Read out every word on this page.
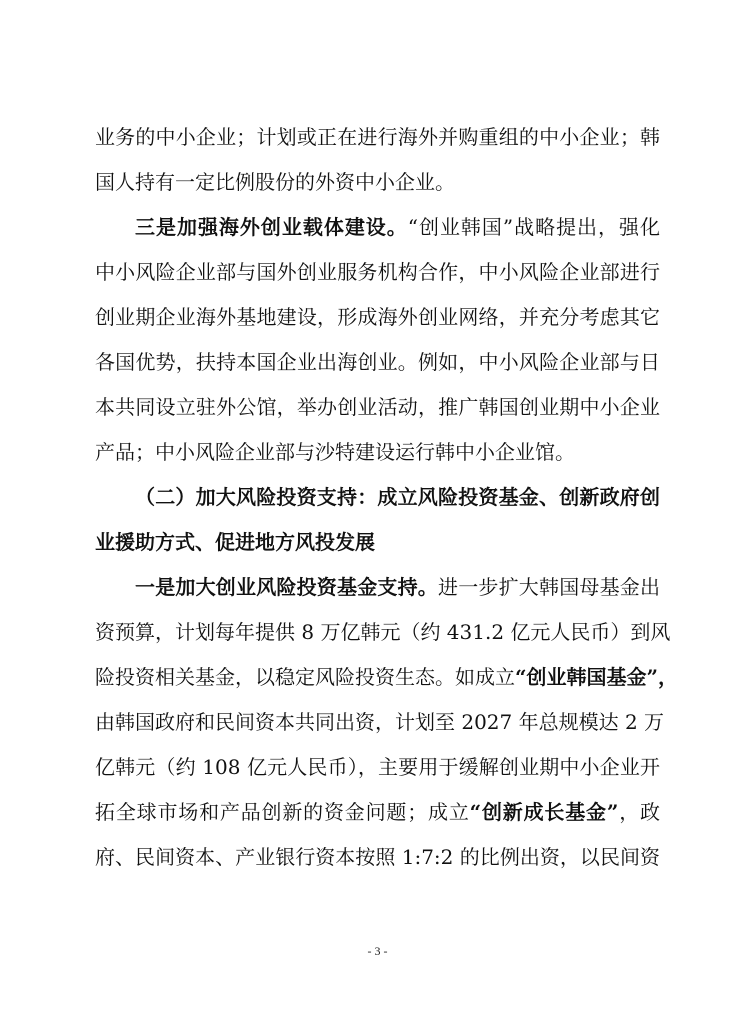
业务的中小企业；计划或正在进行海外并购重组的中小企业；韩
国人持有一定比例股份的外资中小企业。
三是加强海外创业载体建设。“创业韩国”战略提出，强化
中小风险企业部与国外创业服务机构合作，中小风险企业部进行
创业期企业海外基地建设，形成海外创业网络，并充分考虑其它
各国优势，扶持本国企业出海创业。例如，中小风险企业部与日
本共同设立驻外公馆，举办创业活动，推广韩国创业期中小企业
产品；中小风险企业部与沙特建设运行韩中小企业馆。
（二）加大风险投资支持：成立风险投资基金、创新政府创
业援助方式、促进地方风投发展
一是加大创业风险投资基金支持。进一步扩大韩国母基金出
资预算，计划每年提供 8 万亿韩元（约 431.2 亿元人民币）到风
险投资相关基金，以稳定风险投资生态。如成立“创业韩国基金”，
由韩国政府和民间资本共同出资，计划至 2027 年总规模达 2 万
亿韩元（约 108 亿元人民币），主要用于缓解创业期中小企业开
拓全球市场和产品创新的资金问题；成立“创新成长基金”，政
府、民间资本、产业银行资本按照 1:7:2 的比例出资，以民间资
- 3 -
